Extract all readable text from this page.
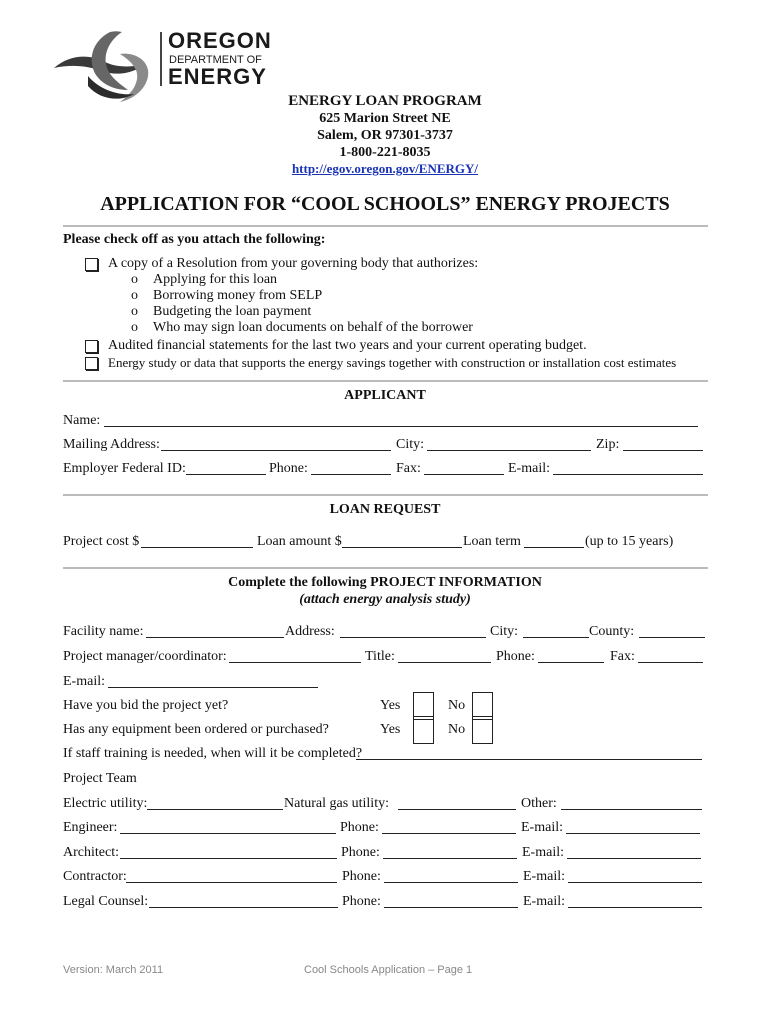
OREGON
DEPARTMENT OF
ENERGY
ENERGY LOAN PROGRAM
625 Marion Street NE
Salem, OR 97301-3737
1-800-221-8035
http://egov.oregon.gov/ENERGY/
APPLICATION FOR “COOL SCHOOLS” ENERGY PROJECTS
Please check off as you attach the following:
A copy of a Resolution from your governing body that authorizes:
o Applying for this loan
o Borrowing money from SELP
o Budgeting the loan payment
o Who may sign loan documents on behalf of the borrower
Audited financial statements for the last two years and your current operating budget.
Energy study or data that supports the energy savings together with construction or installation cost estimates
APPLICANT
Name:
Mailing Address:	City:	Zip:
Employer Federal ID:	Phone:	Fax:	E-mail:
LOAN REQUEST
Project cost $	Loan amount $	Loan term	(up to 15 years)
Complete the following PROJECT INFORMATION
(attach energy analysis study)
Facility name:	Address:	City:	County:
Project manager/coordinator:	Title:	Phone:	Fax:
E-mail:
Have you bid the project yet?	Yes	No
Has any equipment been ordered or purchased?	Yes	No
If staff training is needed, when will it be completed?
Project Team
Electric utility:	Natural gas utility:	Other:
Engineer:	Phone:	E-mail:
Architect:	Phone:	E-mail:
Contractor:	Phone:	E-mail:
Legal Counsel:	Phone:	E-mail:
Version: March 2011	Cool Schools Application – Page 1
